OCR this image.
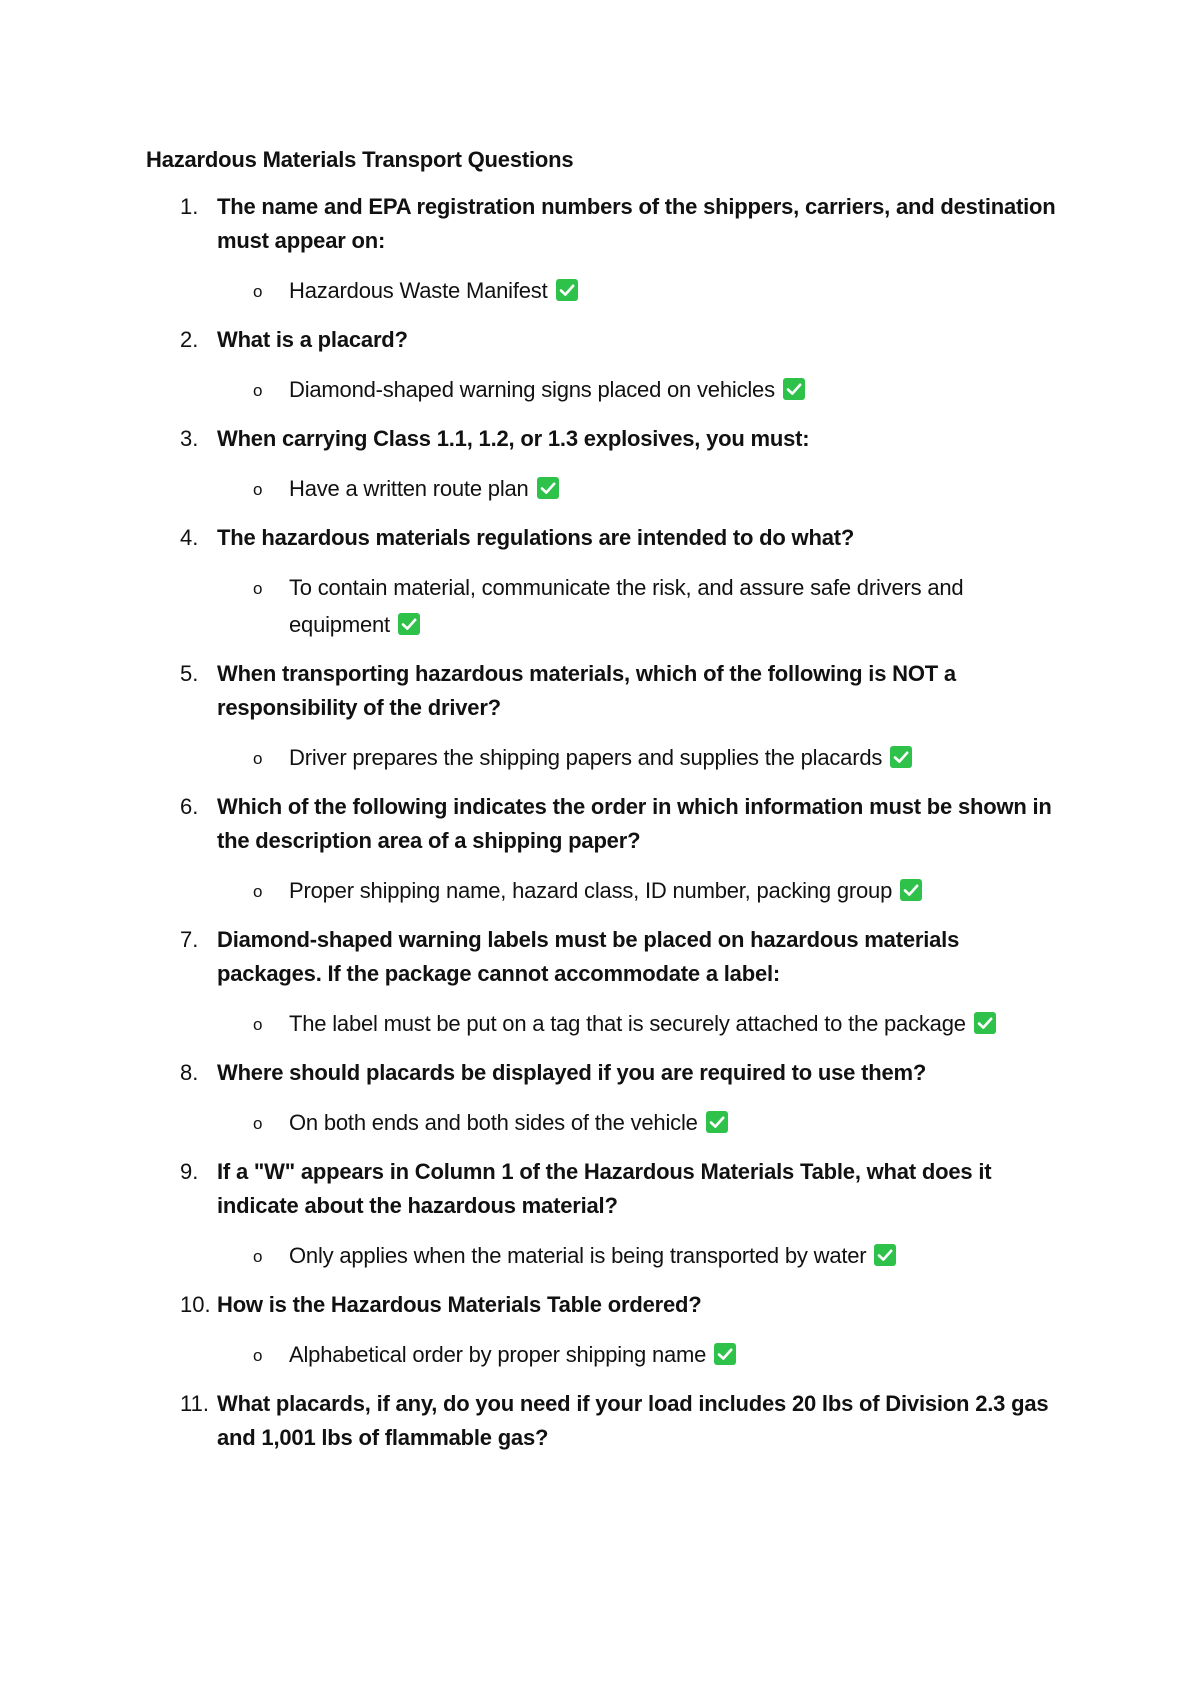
Hazardous Materials Transport Questions
1. The name and EPA registration numbers of the shippers, carriers, and destination must appear on:
o Hazardous Waste Manifest
2. What is a placard?
o Diamond-shaped warning signs placed on vehicles
3. When carrying Class 1.1, 1.2, or 1.3 explosives, you must:
o Have a written route plan
4. The hazardous materials regulations are intended to do what?
o To contain material, communicate the risk, and assure safe drivers and equipment
5. When transporting hazardous materials, which of the following is NOT a responsibility of the driver?
o Driver prepares the shipping papers and supplies the placards
6. Which of the following indicates the order in which information must be shown in the description area of a shipping paper?
o Proper shipping name, hazard class, ID number, packing group
7. Diamond-shaped warning labels must be placed on hazardous materials packages. If the package cannot accommodate a label:
o The label must be put on a tag that is securely attached to the package
8. Where should placards be displayed if you are required to use them?
o On both ends and both sides of the vehicle
9. If a "W" appears in Column 1 of the Hazardous Materials Table, what does it indicate about the hazardous material?
o Only applies when the material is being transported by water
10. How is the Hazardous Materials Table ordered?
o Alphabetical order by proper shipping name
11. What placards, if any, do you need if your load includes 20 lbs of Division 2.3 gas and 1,001 lbs of flammable gas?
